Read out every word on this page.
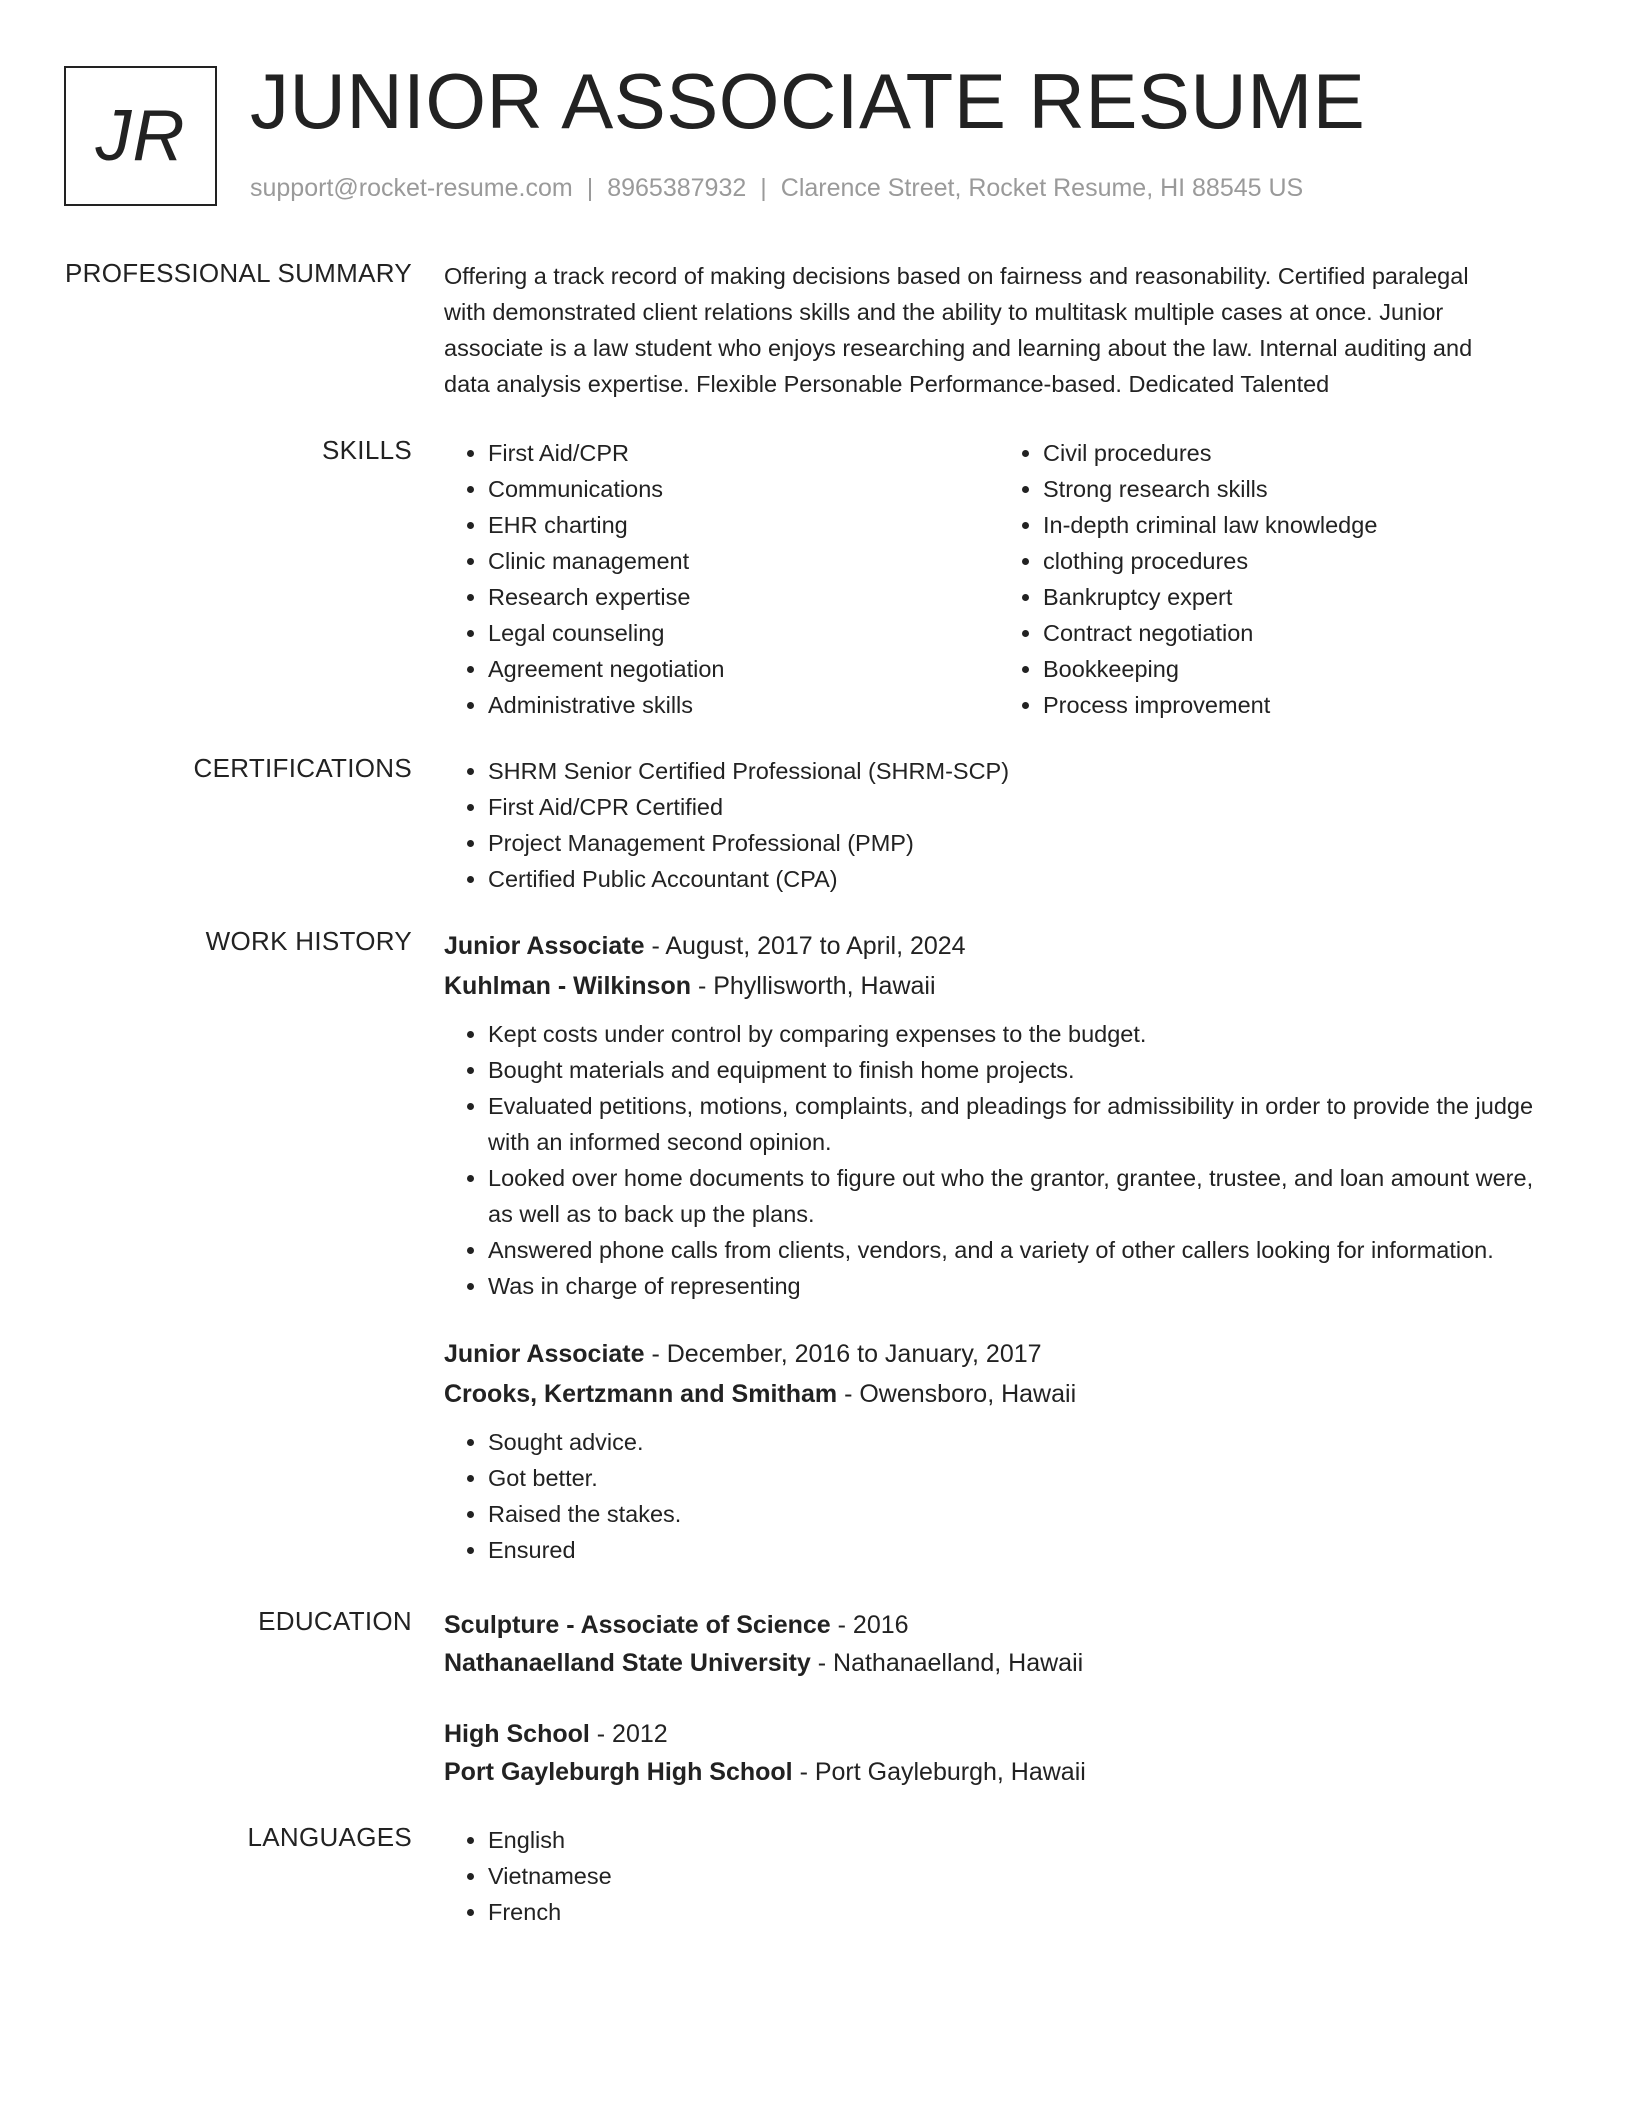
JR JUNIOR ASSOCIATE RESUME
support@rocket-resume.com | 8965387932 | Clarence Street, Rocket Resume, HI 88545 US
PROFESSIONAL SUMMARY Offering a track record of making decisions based on fairness and reasonability. Certified paralegal
with demonstrated client relations skills and the ability to multitask multiple cases at once. Junior
associate is a law student who enjoys researching and learning about the law. Internal auditing and
data analysis expertise. Flexible Personable Performance-based. Dedicated Talented
SKILLS	• First Aid/CPR
• Communications
• EHR charting
• Clinic management
• Research expertise
• Legal counseling
• Agreement negotiation
• Administrative skills
• Civil procedures
• Strong research skills
• In-depth criminal law knowledge
• clothing procedures
• Bankruptcy expert
• Contract negotiation
• Bookkeeping
• Process improvement
CERTIFICATIONS	• SHRM Senior Certified Professional (SHRM-SCP)
• First Aid/CPR Certified
• Project Management Professional (PMP)
• Certified Public Accountant (CPA)
WORK HISTORY Junior Associate - August, 2017 to April, 2024
Kuhlman - Wilkinson - Phyllisworth, Hawaii
• Kept costs under control by comparing expenses to the budget.
• Bought materials and equipment to finish home projects.
• Evaluated petitions, motions, complaints, and pleadings for admissibility in order to provide the judge with an informed second opinion.
• Looked over home documents to figure out who the grantor, grantee, trustee, and loan amount were, as well as to back up the plans.
• Answered phone calls from clients, vendors, and a variety of other callers looking for information.
• Was in charge of representing
Junior Associate - December, 2016 to January, 2017
Crooks, Kertzmann and Smitham - Owensboro, Hawaii
• Sought advice.
• Got better.
• Raised the stakes.
• Ensured
EDUCATION Sculpture - Associate of Science - 2016
Nathanaelland State University - Nathanaelland, Hawaii
High School - 2012
Port Gayleburgh High School - Port Gayleburgh, Hawaii
LANGUAGES	• English
• Vietnamese
• French
